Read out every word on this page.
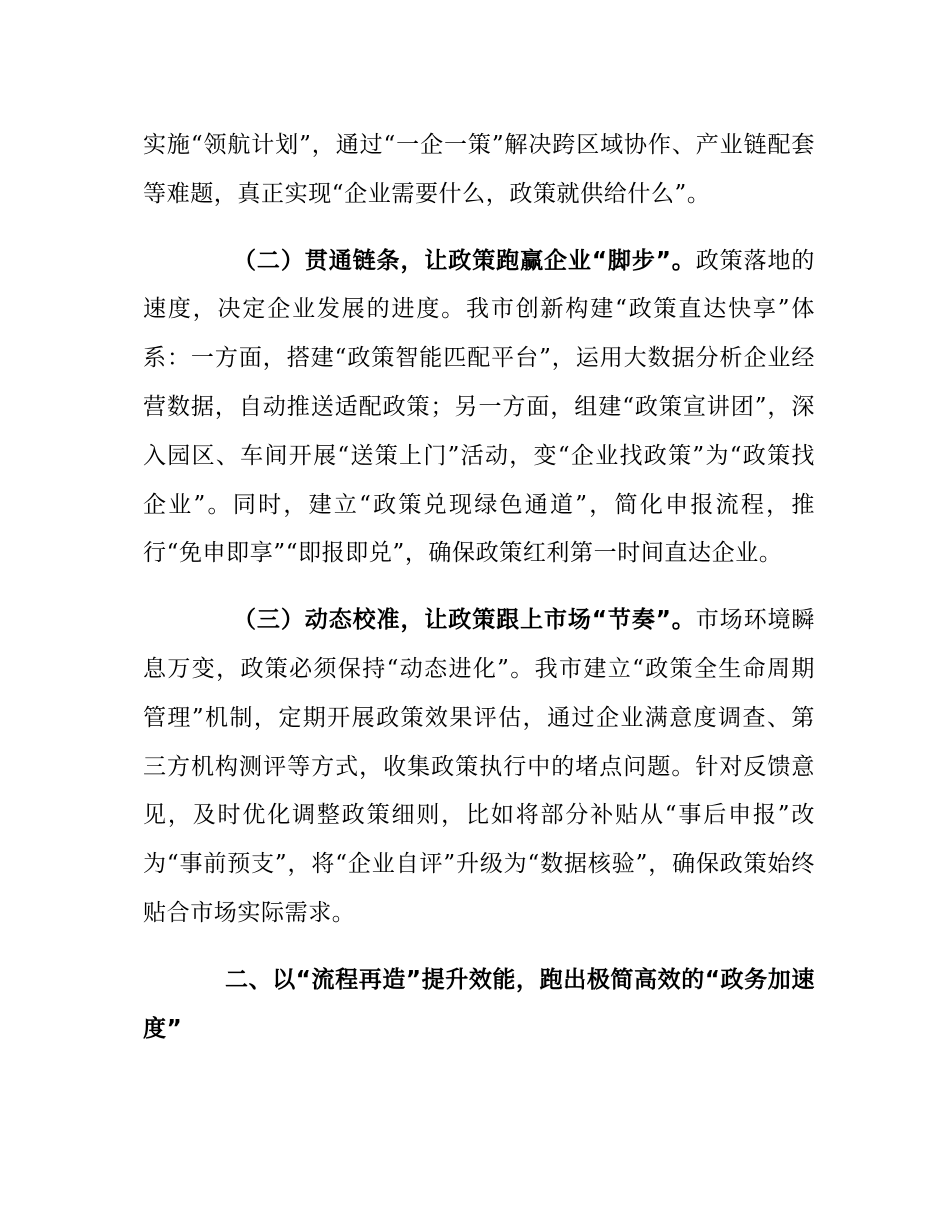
实施“领航计划”，通过“一企一策”解决跨区域协作、产业链配套等难题，真正实现“企业需要什么，政策就供给什么”。

（二）贯通链条，让政策跑赢企业“脚步”。政策落地的速度，决定企业发展的进度。我市创新构建“政策直达快享”体系：一方面，搭建“政策智能匹配平台”，运用大数据分析企业经营数据，自动推送适配政策；另一方面，组建“政策宣讲团”，深入园区、车间开展“送策上门”活动，变“企业找政策”为“政策找企业”。同时，建立“政策兑现绿色通道”，简化申报流程，推行“免申即享”“即报即兑”，确保政策红利第一时间直达企业。

（三）动态校准，让政策跟上市场“节奏”。市场环境瞬息万变，政策必须保持“动态进化”。我市建立“政策全生命周期管理”机制，定期开展政策效果评估，通过企业满意度调查、第三方机构测评等方式，收集政策执行中的堵点问题。针对反馈意见，及时优化调整政策细则，比如将部分补贴从“事后申报”改为“事前预支”，将“企业自评”升级为“数据核验”，确保政策始终贴合市场实际需求。

二、以“流程再造”提升效能，跑出极简高效的“政务加速度”
